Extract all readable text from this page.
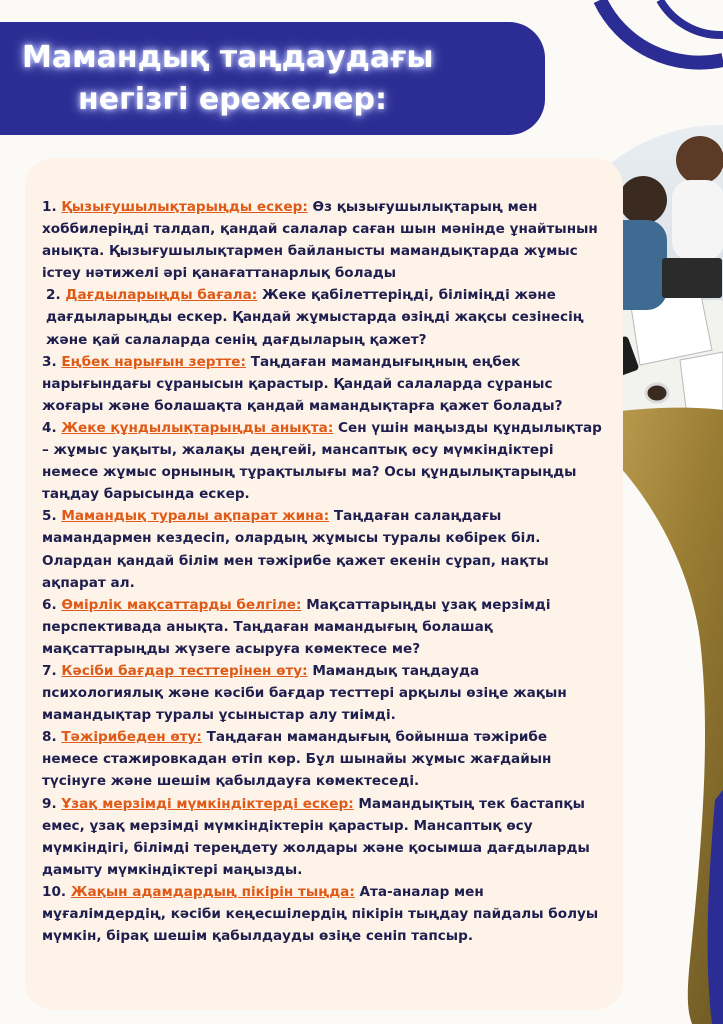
Мамандық таңдаудағы
негізгі ережелер:
1. Қызығушылықтарыңды ескер: Өз қызығушылықтарың мен хоббилеріңді талдап, қандай салалар саған шын мәнінде ұнайтынын анықта. Қызығушылықтармен байланысты мамандықтарда жұмыс істеу нәтижелі әрі қанағаттанарлық болады
2. Дағдыларыңды бағала: Жеке қабілеттеріңді, біліміңді және дағдыларыңды ескер. Қандай жұмыстарда өзіңді жақсы сезінесің және қай салаларда сенің дағдыларың қажет?
3. Еңбек нарығын зертте: Таңдаған мамандығыңның еңбек нарығындағы сұранысын қарастыр. Қандай салаларда сұраныс жоғары және болашақта қандай мамандықтарға қажет болады?
4. Жеке құндылықтарыңды анықта: Сен үшін маңызды құндылықтар – жұмыс уақыты, жалақы деңгейі, мансаптық өсу мүмкіндіктері немесе жұмыс орнының тұрақтылығы ма? Осы құндылықтарыңды таңдау барысында ескер.
5. Мамандық туралы ақпарат жина: Таңдаған салаңдағы мамандармен кездесіп, олардың жұмысы туралы көбірек біл. Олардан қандай білім мен тәжірибе қажет екенін сұрап, нақты ақпарат ал.
6. Өмірлік мақсаттарды белгіле: Мақсаттарыңды ұзақ мерзімді перспективада анықта. Таңдаған мамандығың болашақ мақсаттарыңды жүзеге асыруға көмектесе ме?
7. Кәсіби бағдар тесттерінен өту: Мамандық таңдауда психологиялық және кәсіби бағдар тесттері арқылы өзіңе жақын мамандықтар туралы ұсыныстар алу тиімді.
8. Тәжірибеден өту: Таңдаған мамандығың бойынша тәжірибе немесе стажировкадан өтіп көр. Бұл шынайы жұмыс жағдайын түсінуге және шешім қабылдауға көмектеседі.
9. Ұзақ мерзімді мүмкіндіктерді ескер: Мамандықтың тек бастапқы емес, ұзақ мерзімді мүмкіндіктерін қарастыр. Мансаптық өсу мүмкіндігі, білімді тереңдету жолдары және қосымша дағдыларды дамыту мүмкіндіктері маңызды.
10. Жақын адамдардың пікірін тыңда: Ата-аналар мен мұғалімдердің, кәсіби кеңесшілердің пікірін тыңдау пайдалы болуы мүмкін, бірақ шешім қабылдауды өзіңе сеніп тапсыр.
